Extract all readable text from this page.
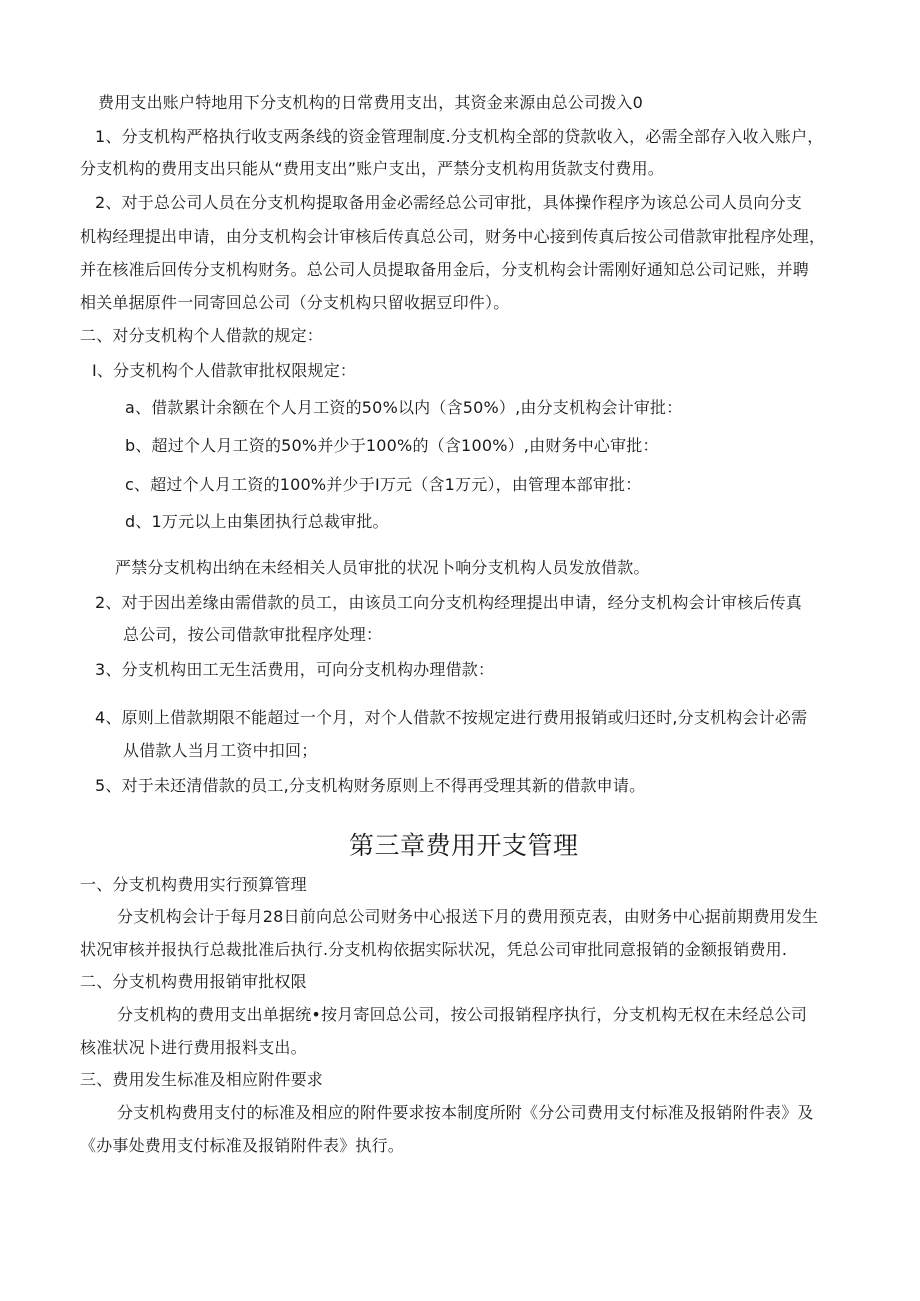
费用支出账户特地用下分支机构的日常费用支出，其资金来源由总公司拨入0
1、分支机构严格执行收支两条线的资金管理制度.分支机构全部的贷款收入，必需全部存入收入账户，
分支机构的费用支出只能从“费用支出”账户支出，严禁分支机构用货款支付费用。
2、对于总公司人员在分支机构提取备用金必需经总公司审批，具体操作程序为该总公司人员向分支
机构经理提出申请，由分支机构会计审核后传真总公司，财务中心接到传真后按公司借款审批程序处理，
并在核准后回传分支机构财务。总公司人员提取备用金后，分支机构会计需刚好通知总公司记账，并聘
相关单据原件一同寄回总公司（分支机构只留收据豆印件）。
二、对分支机构个人借款的规定：
I、分支机构个人借款审批权限规定：
a、借款累计余额在个人月工资的50%以内（含50%）,由分支机构会计审批：
b、超过个人月工资的50%并少于100%的（含100%）,由财务中心审批：
c、超过个人月工资的100%并少于I万元（含1万元），由管理本部审批：
d、1万元以上由集团执行总裁审批。
严禁分支机构出纳在未经相关人员审批的状况卜响分支机构人员发放借款。
2、对于因出差缘由需借款的员工，由该员工向分支机构经理提出申请，经分支机构会计审核后传真
总公司，按公司借款审批程序处理：
3、分支机构田工无生活费用，可向分支机构办理借款：
4、原则上借款期限不能超过一个月，对个人借款不按规定进行费用报销或归还时,分支机构会计必需
从借款人当月工资中扣回；
5、对于未还清借款的员工,分支机构财务原则上不得再受理其新的借款申请。
第三章费用开支管理
一、分支机构费用实行预算管理
分支机构会计于每月28日前向总公司财务中心报送下月的费用预克表，由财务中心据前期费用发生
状况审核并报执行总裁批准后执行.分支机构依据实际状况，凭总公司审批同意报销的金额报销费用.
二、分支机构费用报销审批权限
分支机构的费用支出单据统•按月寄回总公司，按公司报销程序执行，分支机构无权在未经总公司
核准状况卜进行费用报料支出。
三、费用发生标准及相应附件要求
分支机构费用支付的标准及相应的附件要求按本制度所附《分公司费用支付标准及报销附件表》及
《办事处费用支付标准及报销附件表》执行。
